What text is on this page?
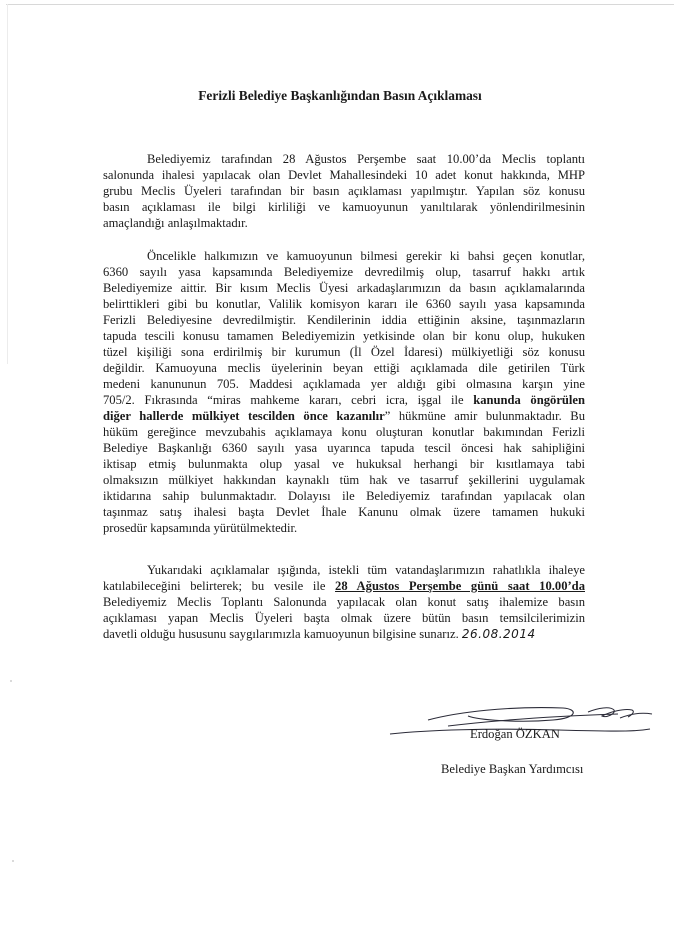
Ferizli Belediye Başkanlığından Basın Açıklaması
Belediyemiz tarafından 28 Ağustos Perşembe saat 10.00’da Meclis toplantı
salonunda ihalesi yapılacak olan Devlet Mahallesindeki 10 adet konut hakkında, MHP
grubu Meclis Üyeleri tarafından bir basın açıklaması yapılmıştır. Yapılan söz konusu
basın açıklaması ile bilgi kirliliği ve kamuoyunun yanıltılarak yönlendirilmesinin
amaçlandığı anlaşılmaktadır.
Öncelikle halkımızın ve kamuoyunun bilmesi gerekir ki bahsi geçen konutlar,
6360 sayılı yasa kapsamında Belediyemize devredilmiş olup, tasarruf hakkı artık
Belediyemize aittir. Bir kısım Meclis Üyesi arkadaşlarımızın da basın açıklamalarında
belirttikleri gibi bu konutlar, Valilik komisyon kararı ile 6360 sayılı yasa kapsamında
Ferizli Belediyesine devredilmiştir. Kendilerinin iddia ettiğinin aksine, taşınmazların
tapuda tescili konusu tamamen Belediyemizin yetkisinde olan bir konu olup, hukuken
tüzel kişiliği sona erdirilmiş bir kurumun (İl Özel İdaresi) mülkiyetliği söz konusu
değildir. Kamuoyuna meclis üyelerinin beyan ettiği açıklamada dile getirilen Türk
medeni kanununun 705. Maddesi açıklamada yer aldığı gibi olmasına karşın yine
705/2. Fıkrasında “miras mahkeme kararı, cebri icra, işgal ile kanunda öngörülen
diğer hallerde mülkiyet tescilden önce kazanılır” hükmüne amir bulunmaktadır. Bu
hüküm gereğince mevzubahis açıklamaya konu oluşturan konutlar bakımından Ferizli
Belediye Başkanlığı 6360 sayılı yasa uyarınca tapuda tescil öncesi hak sahipliğini
iktisap etmiş bulunmakta olup yasal ve hukuksal herhangi bir kısıtlamaya tabi
olmaksızın mülkiyet hakkından kaynaklı tüm hak ve tasarruf şekillerini uygulamak
iktidarına sahip bulunmaktadır. Dolayısı ile Belediyemiz tarafından yapılacak olan
taşınmaz satış ihalesi başta Devlet İhale Kanunu olmak üzere tamamen hukuki
prosedür kapsamında yürütülmektedir.
Yukarıdaki açıklamalar ışığında, istekli tüm vatandaşlarımızın rahatlıkla ihaleye
katılabileceğini belirterek; bu vesile ile 28 Ağustos Perşembe günü saat 10.00’da
Belediyemiz Meclis Toplantı Salonunda yapılacak olan konut satış ihalemize basın
açıklaması yapan Meclis Üyeleri başta olmak üzere bütün basın temsilcilerimizin
davetli olduğu hususunu saygılarımızla kamuoyunun bilgisine sunarız. 26.08.2014
Erdoğan ÖZKAN
Belediye Başkan Yardımcısı
